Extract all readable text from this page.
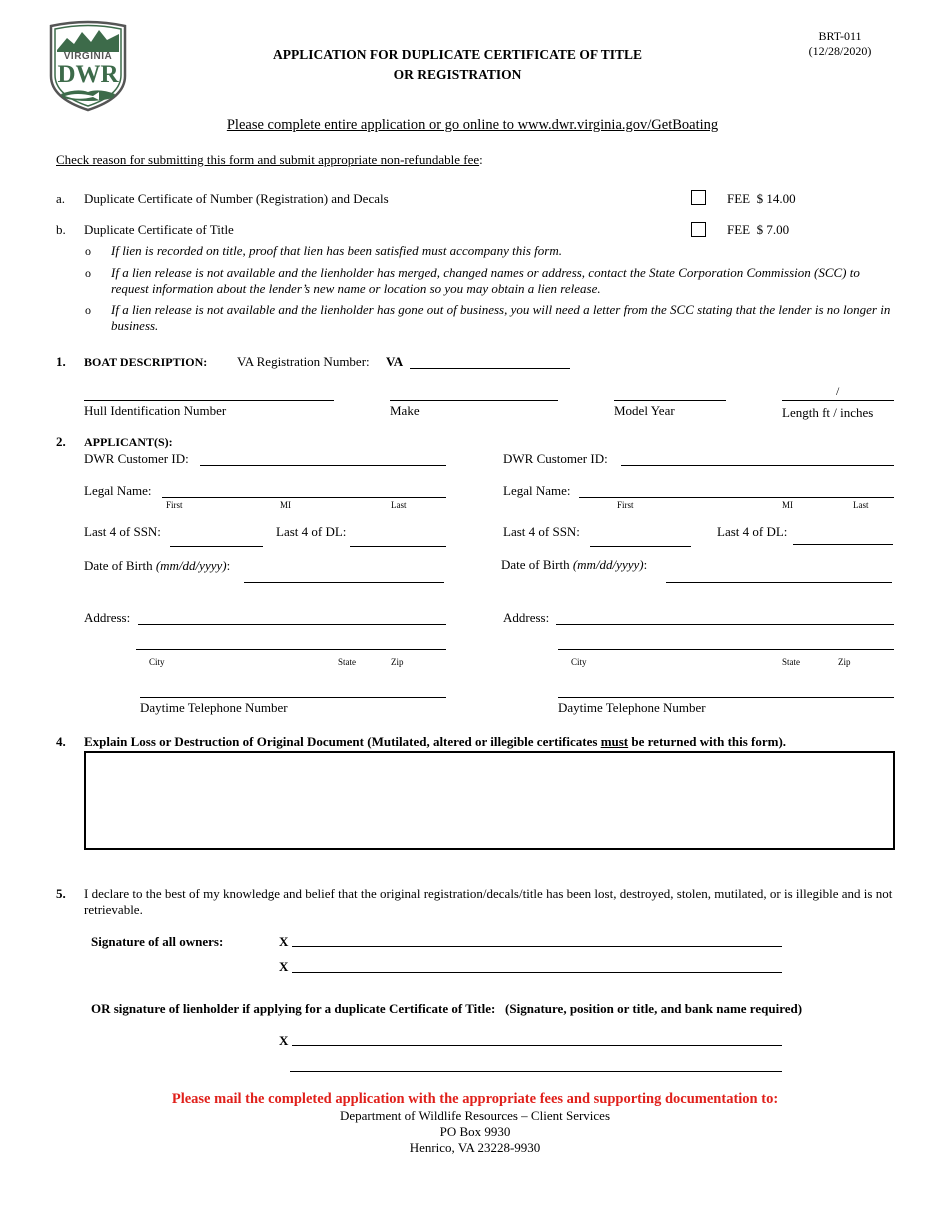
VIRGINIA
DWR
APPLICATION FOR DUPLICATE CERTIFICATE OF TITLE
OR REGISTRATION
BRT-011
(12/28/2020)
Please complete entire application or go online to www.dwr.virginia.gov/GetBoating
Check reason for submitting this form and submit appropriate non-refundable fee:
a. Duplicate Certificate of Number (Registration) and Decals	FEE  $ 14.00
b. Duplicate Certificate of Title	FEE  $ 7.00
o If lien is recorded on title, proof that lien has been satisfied must accompany this form.
o If a lien release is not available and the lienholder has merged, changed names or address, contact the State Corporation Commission (SCC) to request information about the lender’s new name or location so you may obtain a lien release.
o If a lien release is not available and the lienholder has gone out of business, you will need a letter from the SCC stating that the lender is no longer in business.
1. BOAT DESCRIPTION: VA Registration Number: VA
/
Hull Identification Number	Make	Model Year	Length ft / inches
2. APPLICANT(S):
DWR Customer ID:
Legal Name:
First	MI	Last
Last 4 of SSN:	Last 4 of DL:
Date of Birth (mm/dd/yyyy):
Address:
City	State	Zip
Daytime Telephone Number
DWR Customer ID:
Legal Name:
First	MI	Last
Last 4 of SSN:	Last 4 of DL:
Date of Birth (mm/dd/yyyy):
Address:
City	State	Zip
Daytime Telephone Number
4. Explain Loss or Destruction of Original Document (Mutilated, altered or illegible certificates must be returned with this form).
5. I declare to the best of my knowledge and belief that the original registration/decals/title has been lost, destroyed, stolen, mutilated, or is illegible and is not retrievable.
Signature of all owners:	X
X
OR signature of lienholder if applying for a duplicate Certificate of Title:   (Signature, position or title, and bank name required)
X
Please mail the completed application with the appropriate fees and supporting documentation to:
Department of Wildlife Resources – Client Services
PO Box 9930
Henrico, VA 23228-9930
